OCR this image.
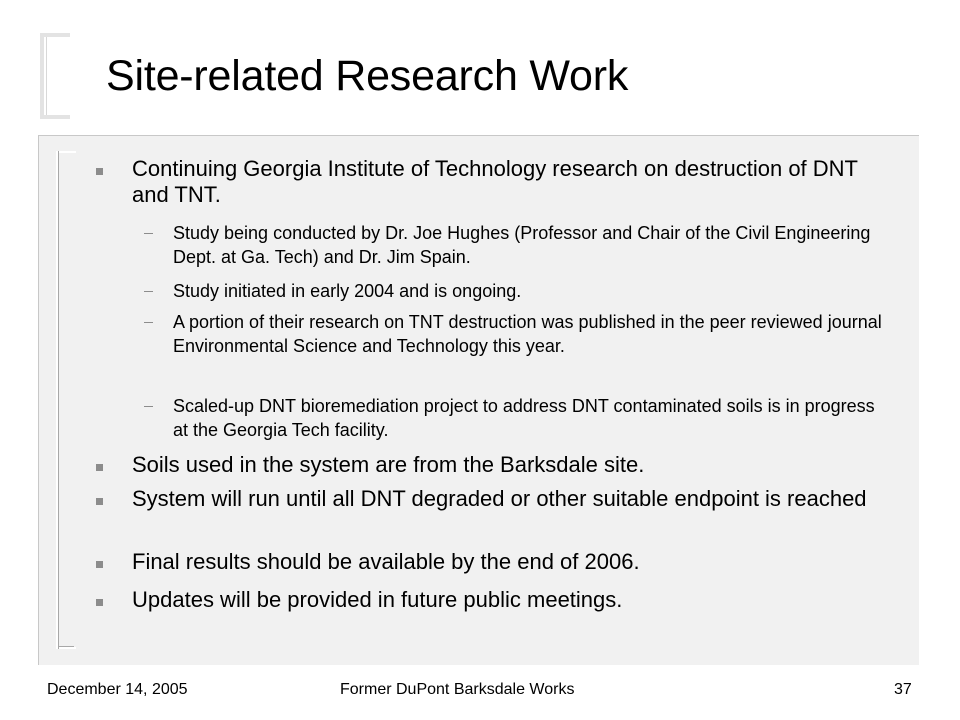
Site-related Research Work
Continuing Georgia Institute of Technology research on destruction of DNT and TNT.
Study being conducted by Dr. Joe Hughes (Professor and Chair of the Civil Engineering Dept. at Ga. Tech) and Dr. Jim Spain.
Study initiated in early 2004 and is ongoing.
A portion of their research on TNT destruction was published in the peer reviewed journal Environmental Science and Technology this year.
Scaled-up DNT bioremediation project to address DNT contaminated soils is in progress at the Georgia Tech facility.
Soils used in the system are from the Barksdale site.
System will run until all DNT degraded or other suitable endpoint is reached
Final results should be available by the end of 2006.
Updates will be provided in future public meetings.
December 14, 2005	Former DuPont Barksdale Works	37
